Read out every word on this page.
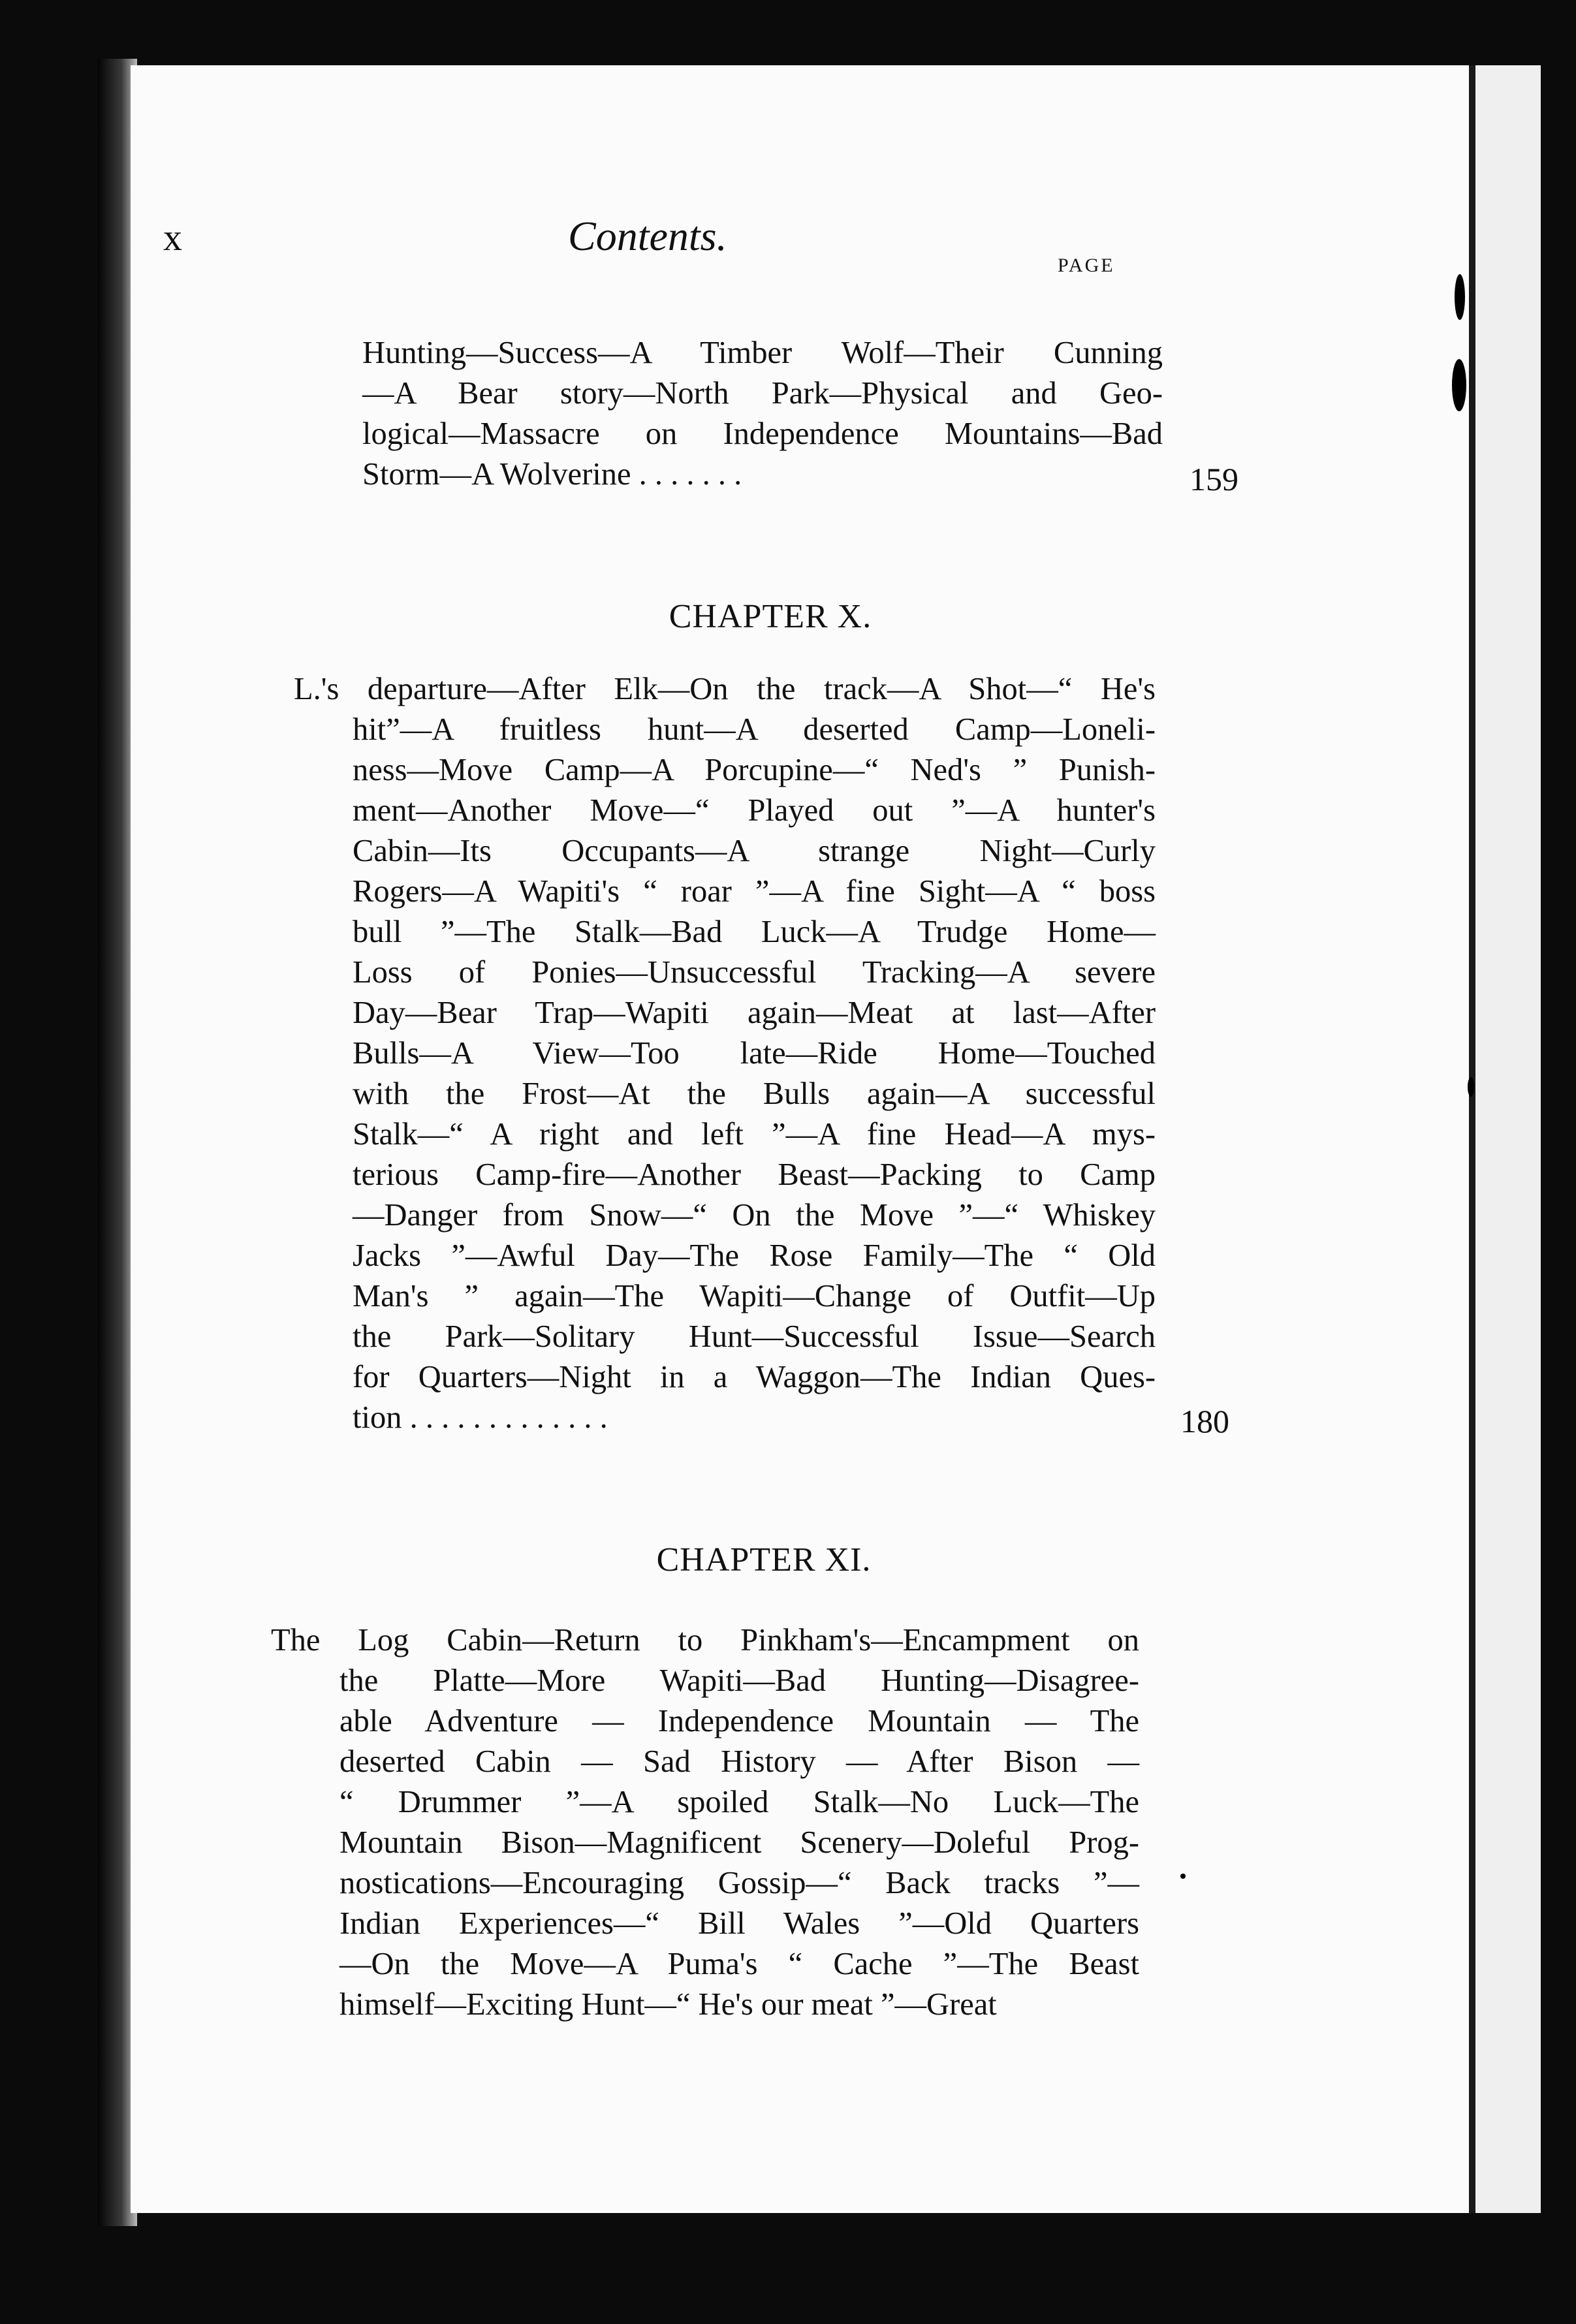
x	Contents.
PAGE
Hunting—Success—A Timber Wolf—Their Cunning
—A Bear story—North Park—Physical and Geo-
logical—Massacre on Independence Mountains—Bad
Storm—A Wolverine . . . . . . .	159
CHAPTER X.
L.'s departure—After Elk—On the track—A Shot—“ He's
hit”—A fruitless hunt—A deserted Camp—Loneli-
ness—Move Camp—A Porcupine—“ Ned's ” Punish-
ment—Another Move—“ Played out ”—A hunter's
Cabin—Its Occupants—A strange Night—Curly
Rogers—A Wapiti's “ roar ”—A fine Sight—A “ boss
bull ”—The Stalk—Bad Luck—A Trudge Home—
Loss of Ponies—Unsuccessful Tracking—A severe
Day—Bear Trap—Wapiti again—Meat at last—After
Bulls—A View—Too late—Ride Home—Touched
with the Frost—At the Bulls again—A successful
Stalk—“ A right and left ”—A fine Head—A mys-
terious Camp-fire—Another Beast—Packing to Camp
—Danger from Snow—“ On the Move ”—“ Whiskey
Jacks ”—Awful Day—The Rose Family—The “ Old
Man's ” again—The Wapiti—Change of Outfit—Up
the Park—Solitary Hunt—Successful Issue—Search
for Quarters—Night in a Waggon—The Indian Ques-
tion . . . . . . . . . . . . .	180
CHAPTER XI.
The Log Cabin—Return to Pinkham's—Encampment on
the Platte—More Wapiti—Bad Hunting—Disagree-
able Adventure — Independence Mountain — The
deserted Cabin — Sad History — After Bison —
“ Drummer ”—A spoiled Stalk—No Luck—The
Mountain Bison—Magnificent Scenery—Doleful Prog-
nostications—Encouraging Gossip—“ Back tracks ”—
Indian Experiences—“ Bill Wales ”—Old Quarters
—On the Move—A Puma's “ Cache ”—The Beast
himself—Exciting Hunt—“ He's our meat ”—Great
